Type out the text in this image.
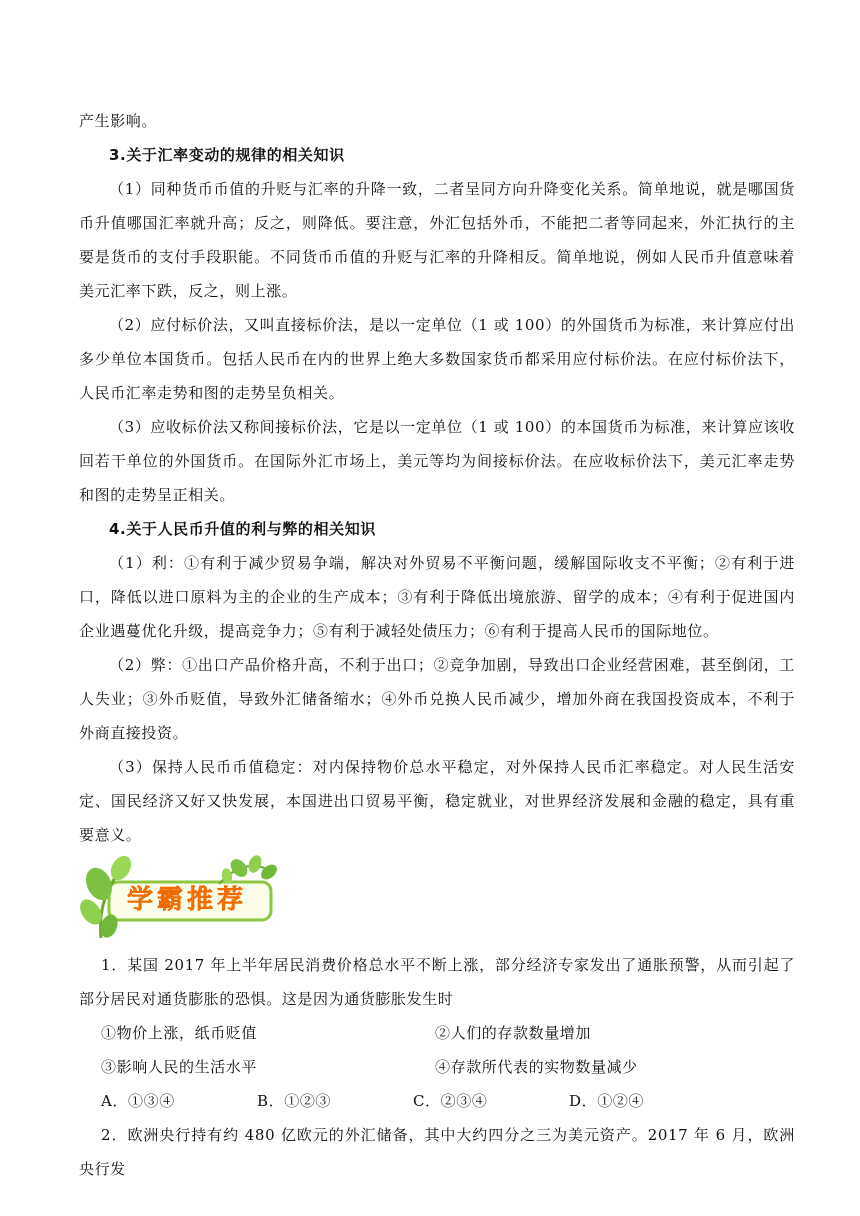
产生影响。

3.关于汇率变动的规律的相关知识

（1）同种货币币值的升贬与汇率的升降一致，二者呈同方向升降变化关系。简单地说，就是哪国货币升值哪国汇率就升高；反之，则降低。要注意，外汇包括外币，不能把二者等同起来，外汇执行的主要是货币的支付手段职能。不同货币币值的升贬与汇率的升降相反。简单地说，例如人民币升值意味着美元汇率下跌，反之，则上涨。

（2）应付标价法，又叫直接标价法，是以一定单位（1 或 100）的外国货币为标准，来计算应付出多少单位本国货币。包括人民币在内的世界上绝大多数国家货币都采用应付标价法。在应付标价法下，人民币汇率走势和图的走势呈负相关。

（3）应收标价法又称间接标价法，它是以一定单位（1 或 100）的本国货币为标准，来计算应该收回若干单位的外国货币。在国际外汇市场上，美元等均为间接标价法。在应收标价法下，美元汇率走势和图的走势呈正相关。

4.关于人民币升值的利与弊的相关知识

（1）利：①有利于减少贸易争端，解决对外贸易不平衡问题，缓解国际收支不平衡；②有利于进口，降低以进口原料为主的企业的生产成本；③有利于降低出境旅游、留学的成本；④有利于促进国内企业遇蔓优化升级，提高竞争力；⑤有利于减轻处债压力；⑥有利于提高人民币的国际地位。

（2）弊：①出口产品价格升高，不利于出口；②竞争加剧，导致出口企业经营困难，甚至倒闭，工人失业；③外币贬值，导致外汇储备缩水；④外币兑换人民币减少，增加外商在我国投资成本，不利于外商直接投资。

（3）保持人民币币值稳定：对内保持物价总水平稳定，对外保持人民币汇率稳定。对人民生活安定、国民经济又好又快发展，本国进出口贸易平衡，稳定就业，对世界经济发展和金融的稳定，具有重要意义。

学霸推荐

1．某国 2017 年上半年居民消费价格总水平不断上涨，部分经济专家发出了通胀预警，从而引起了部分居民对通货膨胀的恐惧。这是因为通货膨胀发生时

①物价上涨，纸币贬值	②人们的存款数量增加
③影响人民的生活水平	④存款所代表的实物数量减少
A．①③④	B．①②③	C．②③④	D．①②④

2．欧洲央行持有约 480 亿欧元的外汇储备，其中大约四分之三为美元资产。2017 年 6 月，欧洲央行发
